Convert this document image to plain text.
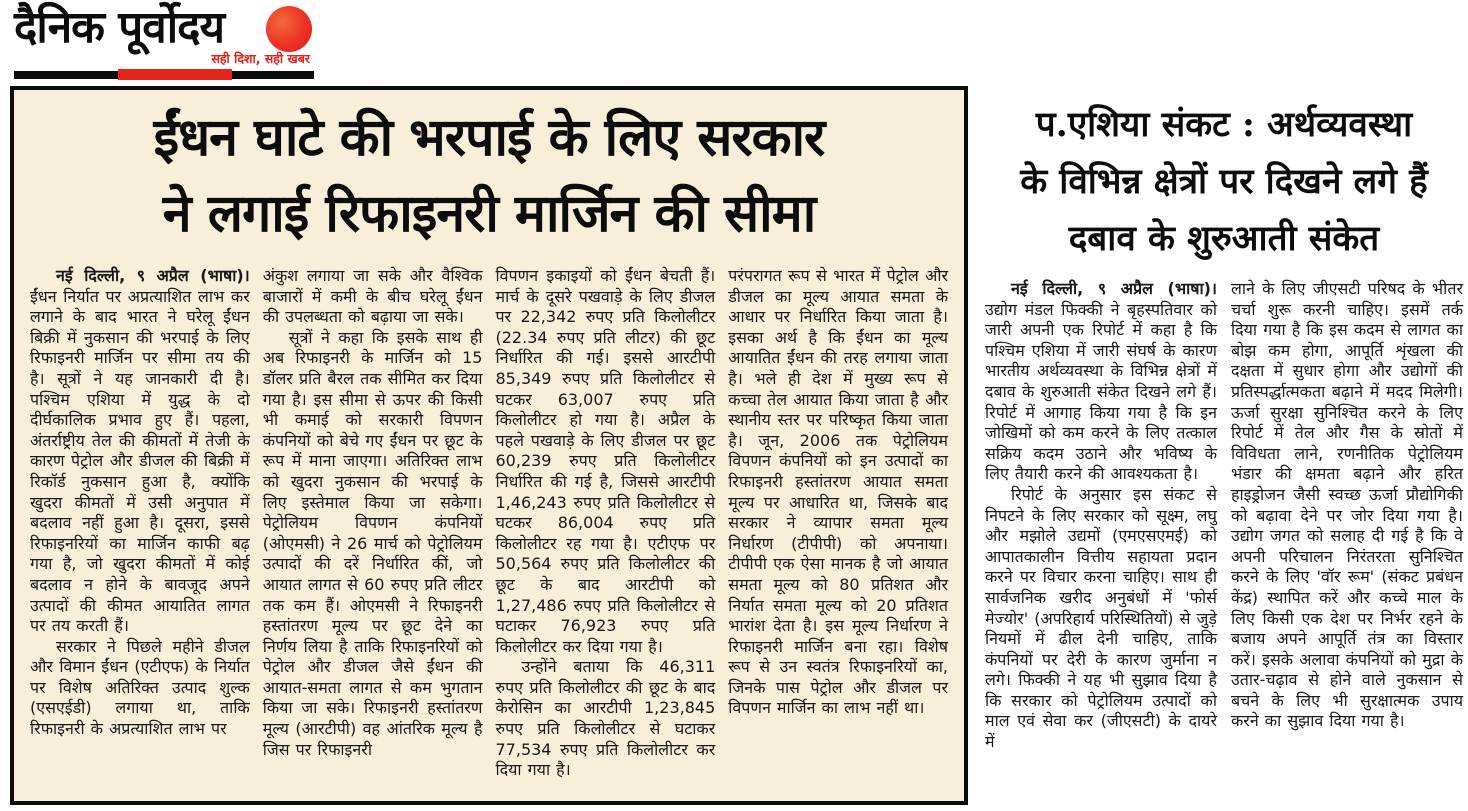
दैनिक पूर्वोदय
सही दिशा, सही खबर
ईंधन घाटे की भरपाई के लिए सरकार
ने लगाई रिफाइनरी मार्जिन की सीमा

नई दिल्ली, ९ अप्रैल (भाषा)। ईंधन निर्यात पर अप्रत्याशित लाभ कर लगाने के बाद भारत ने घरेलू ईंधन बिक्री में नुकसान की भरपाई के लिए रिफाइनरी मार्जिन पर सीमा तय की है। सूत्रों ने यह जानकारी दी है। पश्चिम एशिया में युद्ध के दो दीर्घकालिक प्रभाव हुए हैं। पहला, अंतर्राष्ट्रीय तेल की कीमतों में तेजी के कारण पेट्रोल और डीजल की बिक्री में रिकॉर्ड नुकसान हुआ है, क्योंकि खुदरा कीमतों में उसी अनुपात में बदलाव नहीं हुआ है। दूसरा, इससे रिफाइनरियों का मार्जिन काफी बढ़ गया है, जो खुदरा कीमतों में कोई बदलाव न होने के बावजूद अपने उत्पादों की कीमत आयातित लागत पर तय करती हैं।

सरकार ने पिछले महीने डीजल और विमान ईंधन (एटीएफ) के निर्यात पर विशेष अतिरिक्त उत्पाद शुल्क (एसएईडी) लगाया था, ताकि रिफाइनरी के अप्रत्याशित लाभ पर

अंकुश लगाया जा सके और वैश्विक बाजारों में कमी के बीच घरेलू ईंधन की उपलब्धता को बढ़ाया जा सके।

सूत्रों ने कहा कि इसके साथ ही अब रिफाइनरी के मार्जिन को 15 डॉलर प्रति बैरल तक सीमित कर दिया गया है। इस सीमा से ऊपर की किसी भी कमाई को सरकारी विपणन कंपनियों को बेचे गए ईंधन पर छूट के रूप में माना जाएगा। अतिरिक्त लाभ को खुदरा नुकसान की भरपाई के लिए इस्तेमाल किया जा सकेगा। पेट्रोलियम विपणन कंपनियों (ओएमसी) ने 26 मार्च को पेट्रोलियम उत्पादों की दरें निर्धारित कीं, जो आयात लागत से 60 रुपए प्रति लीटर तक कम हैं। ओएमसी ने रिफाइनरी हस्तांतरण मूल्य पर छूट देने का निर्णय लिया है ताकि रिफाइनरियों को पेट्रोल और डीजल जैसे ईंधन की आयात-समता लागत से कम भुगतान किया जा सके। रिफाइनरी हस्तांतरण मूल्य (आरटीपी) वह आंतरिक मूल्य है जिस पर रिफाइनरी

विपणन इकाइयों को ईंधन बेचती हैं। मार्च के दूसरे पखवाड़े के लिए डीजल पर 22,342 रुपए प्रति किलोलीटर (22.34 रुपए प्रति लीटर) की छूट निर्धारित की गई। इससे आरटीपी 85,349 रुपए प्रति किलोलीटर से घटकर 63,007 रुपए प्रति किलोलीटर हो गया है। अप्रैल के पहले पखवाड़े के लिए डीजल पर छूट 60,239 रुपए प्रति किलोलीटर निर्धारित की गई है, जिससे आरटीपी 1,46,243 रुपए प्रति किलोलीटर से घटकर 86,004 रुपए प्रति किलोलीटर रह गया है। एटीएफ पर 50,564 रुपए प्रति किलोलीटर की छूट के बाद आरटीपी को 1,27,486 रुपए प्रति किलोलीटर से घटाकर 76,923 रुपए प्रति किलोलीटर कर दिया गया है।

उन्होंने बताया कि 46,311 रुपए प्रति किलोलीटर की छूट के बाद केरोसिन का आरटीपी 1,23,845 रुपए प्रति किलोलीटर से घटाकर 77,534 रुपए प्रति किलोलीटर कर दिया गया है।

परंपरागत रूप से भारत में पेट्रोल और डीजल का मूल्य आयात समता के आधार पर निर्धारित किया जाता है। इसका अर्थ है कि ईंधन का मूल्य आयातित ईंधन की तरह लगाया जाता है। भले ही देश में मुख्य रूप से कच्चा तेल आयात किया जाता है और स्थानीय स्तर पर परिष्कृत किया जाता है। जून, 2006 तक पेट्रोलियम विपणन कंपनियों को इन उत्पादों का रिफाइनरी हस्तांतरण आयात समता मूल्य पर आधारित था, जिसके बाद सरकार ने व्यापार समता मूल्य निर्धारण (टीपीपी) को अपनाया। टीपीपी एक ऐसा मानक है जो आयात समता मूल्य को 80 प्रतिशत और निर्यात समता मूल्य को 20 प्रतिशत भारांश देता है। इस मूल्य निर्धारण ने रिफाइनरी मार्जिन बना रहा। विशेष रूप से उन स्वतंत्र रिफाइनरियों का, जिनके पास पेट्रोल और डीजल पर विपणन मार्जिन का लाभ नहीं था।

प.एशिया संकट : अर्थव्यवस्था
के विभिन्न क्षेत्रों पर दिखने लगे हैं
दबाव के शुरुआती संकेत

नई दिल्ली, ९ अप्रैल (भाषा)। उद्योग मंडल फिक्की ने बृहस्पतिवार को जारी अपनी एक रिपोर्ट में कहा है कि पश्चिम एशिया में जारी संघर्ष के कारण भारतीय अर्थव्यवस्था के विभिन्न क्षेत्रों में दबाव के शुरुआती संकेत दिखने लगे हैं। रिपोर्ट में आगाह किया गया है कि इन जोखिमों को कम करने के लिए तत्काल सक्रिय कदम उठाने और भविष्य के लिए तैयारी करने की आवश्यकता है।

रिपोर्ट के अनुसार इस संकट से निपटने के लिए सरकार को सूक्ष्म, लघु और मझोले उद्यमों (एमएसएमई) को आपातकालीन वित्तीय सहायता प्रदान करने पर विचार करना चाहिए। साथ ही सार्वजनिक खरीद अनुबंधों में 'फोर्स मेज्योर' (अपरिहार्य परिस्थितियों) से जुड़े नियमों में ढील देनी चाहिए, ताकि कंपनियों पर देरी के कारण जुर्माना न लगे। फिक्की ने यह भी सुझाव दिया है कि सरकार को पेट्रोलियम उत्पादों को माल एवं सेवा कर (जीएसटी) के दायरे में

लाने के लिए जीएसटी परिषद के भीतर चर्चा शुरू करनी चाहिए। इसमें तर्क दिया गया है कि इस कदम से लागत का बोझ कम होगा, आपूर्ति शृंखला की दक्षता में सुधार होगा और उद्योगों की प्रतिस्पर्द्धात्मकता बढ़ाने में मदद मिलेगी। ऊर्जा सुरक्षा सुनिश्चित करने के लिए रिपोर्ट में तेल और गैस के स्रोतों में विविधता लाने, रणनीतिक पेट्रोलियम भंडार की क्षमता बढ़ाने और हरित हाइड्रोजन जैसी स्वच्छ ऊर्जा प्रौद्योगिकी को बढ़ावा देने पर जोर दिया गया है। उद्योग जगत को सलाह दी गई है कि वे अपनी परिचालन निरंतरता सुनिश्चित करने के लिए 'वॉर रूम' (संकट प्रबंधन केंद्र) स्थापित करें और कच्चे माल के लिए किसी एक देश पर निर्भर रहने के बजाय अपने आपूर्ति तंत्र का विस्तार करें। इसके अलावा कंपनियों को मुद्रा के उतार-चढ़ाव से होने वाले नुकसान से बचने के लिए भी सुरक्षात्मक उपाय करने का सुझाव दिया गया है।
